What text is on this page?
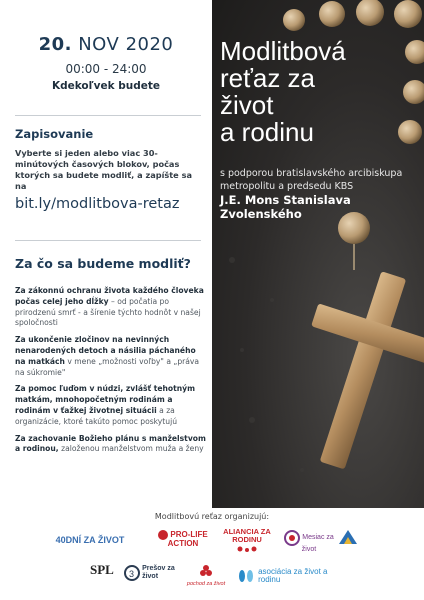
20. NOV 2020
00:00 - 24:00
Kdekoľvek budete
Zapisovanie
Vyberte si jeden alebo viac 30-minútových časových blokov, počas ktorých sa budete modliť, a zapíšte sa na
bit.ly/modlitbova-retaz
Za čo sa budeme modliť?
Za zákonnú ochranu života každého človeka počas celej jeho dĺžky – od počatia po prirodzenú smrť - a šírenie týchto hodnôt v našej spoločnosti
Za ukončenie zločinov na nevinných nenarodených detoch a násilia páchaného na matkách v mene „možnosti voľby" a „práva na súkromie"
Za pomoc ľuďom v núdzi, zvlášť tehotným matkám, mnohopočetným rodinám a rodinám v ťažkej životnej situácii a za organizácie, ktoré takúto pomoc poskytujú
Za zachovanie Božieho plánu s manželstvom a rodinou, založenou manželstvom muža a ženy
Modlitbová
reťaz za
život
a rodinu
s podporou bratislavského arcibiskupa metropolitu a predsedu KBS
J.E. Mons Stanislava Zvolenského
Modlitbovú reťaz organizujú:
40DNÍ ZA ŽIVOT
PRO-LIFE ACTION
ALIANCIA ZA RODINU	Mesiac za život
SPL 3
Prešov za život
pochod za život
asociácia za život a rodinu
